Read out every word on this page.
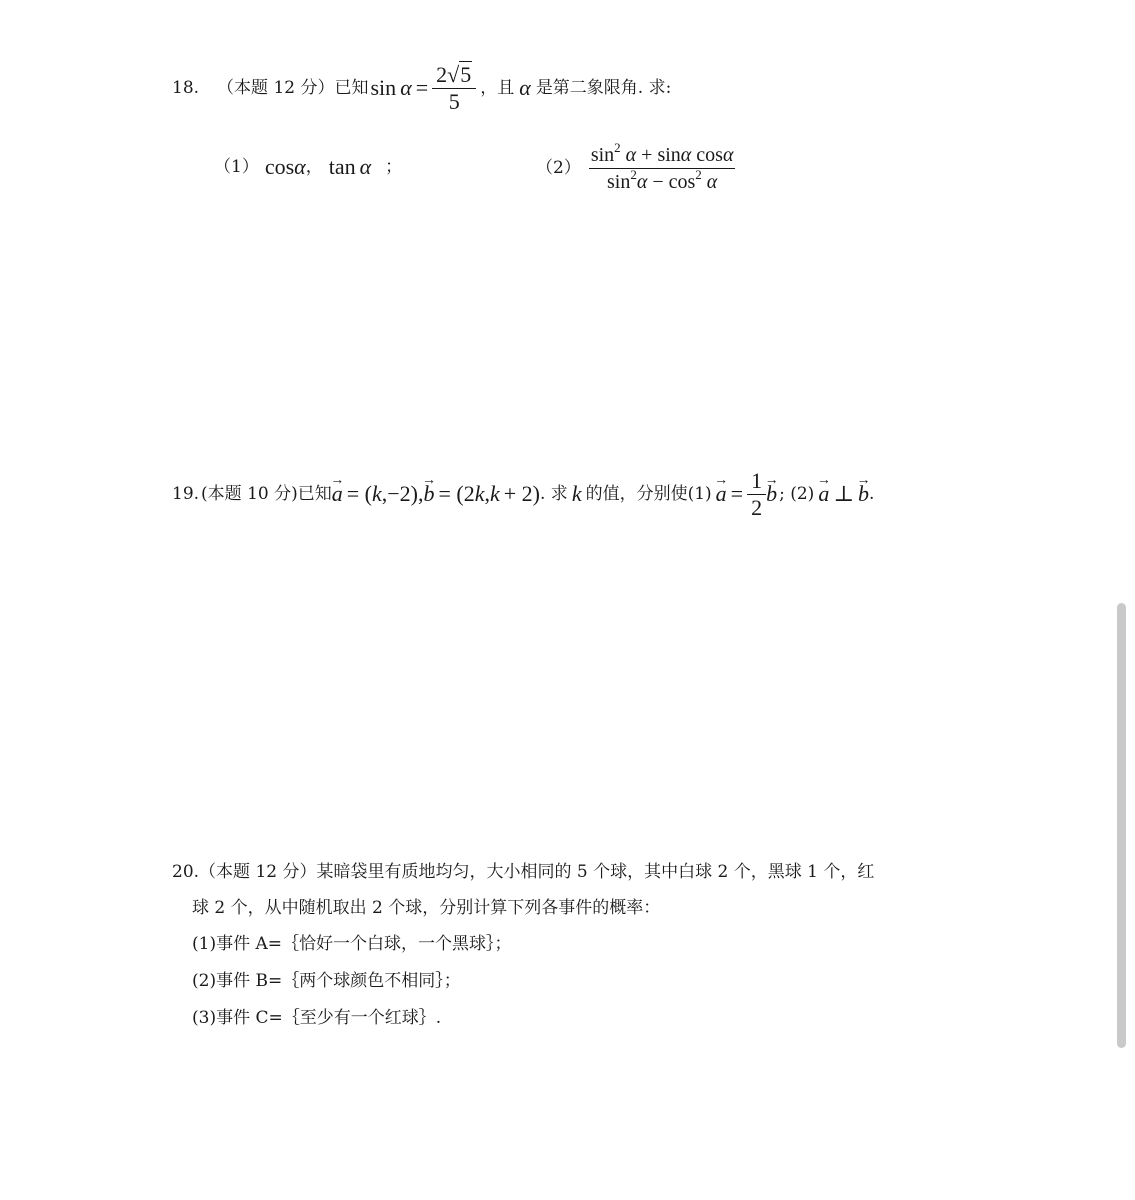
18. （本题 12 分）已知 $\sin \alpha = \frac{2√5}{5}$ ，且 α 是第二象限角. 求:
（1） cos α ， tan α ；	$(2) \frac{\sin^2 \alpha + \sin\alpha \cos\alpha}{\sin^2\alpha - \cos^2 \alpha}$
19. (本题 10 分)已知
→ a = ( k ,−2),
→ b = (2 k , k + 2) . 求 k 的值，分别使(1)
→ $a = \frac{1}{2}$
→ b ; (2)
→ a ⊥
→ b .
20.（本题 12 分）某暗袋里有质地均匀，大小相同的 5 个球，其中白球 2 个，黑球 1 个，红
球 2 个，从中随机取出 2 个球，分别计算下列各事件的概率：
(1)事件 A=｛恰好一个白球，一个黑球｝；
(2)事件 B=｛两个球颜色不相同｝；
(3)事件 C=｛至少有一个红球｝.
